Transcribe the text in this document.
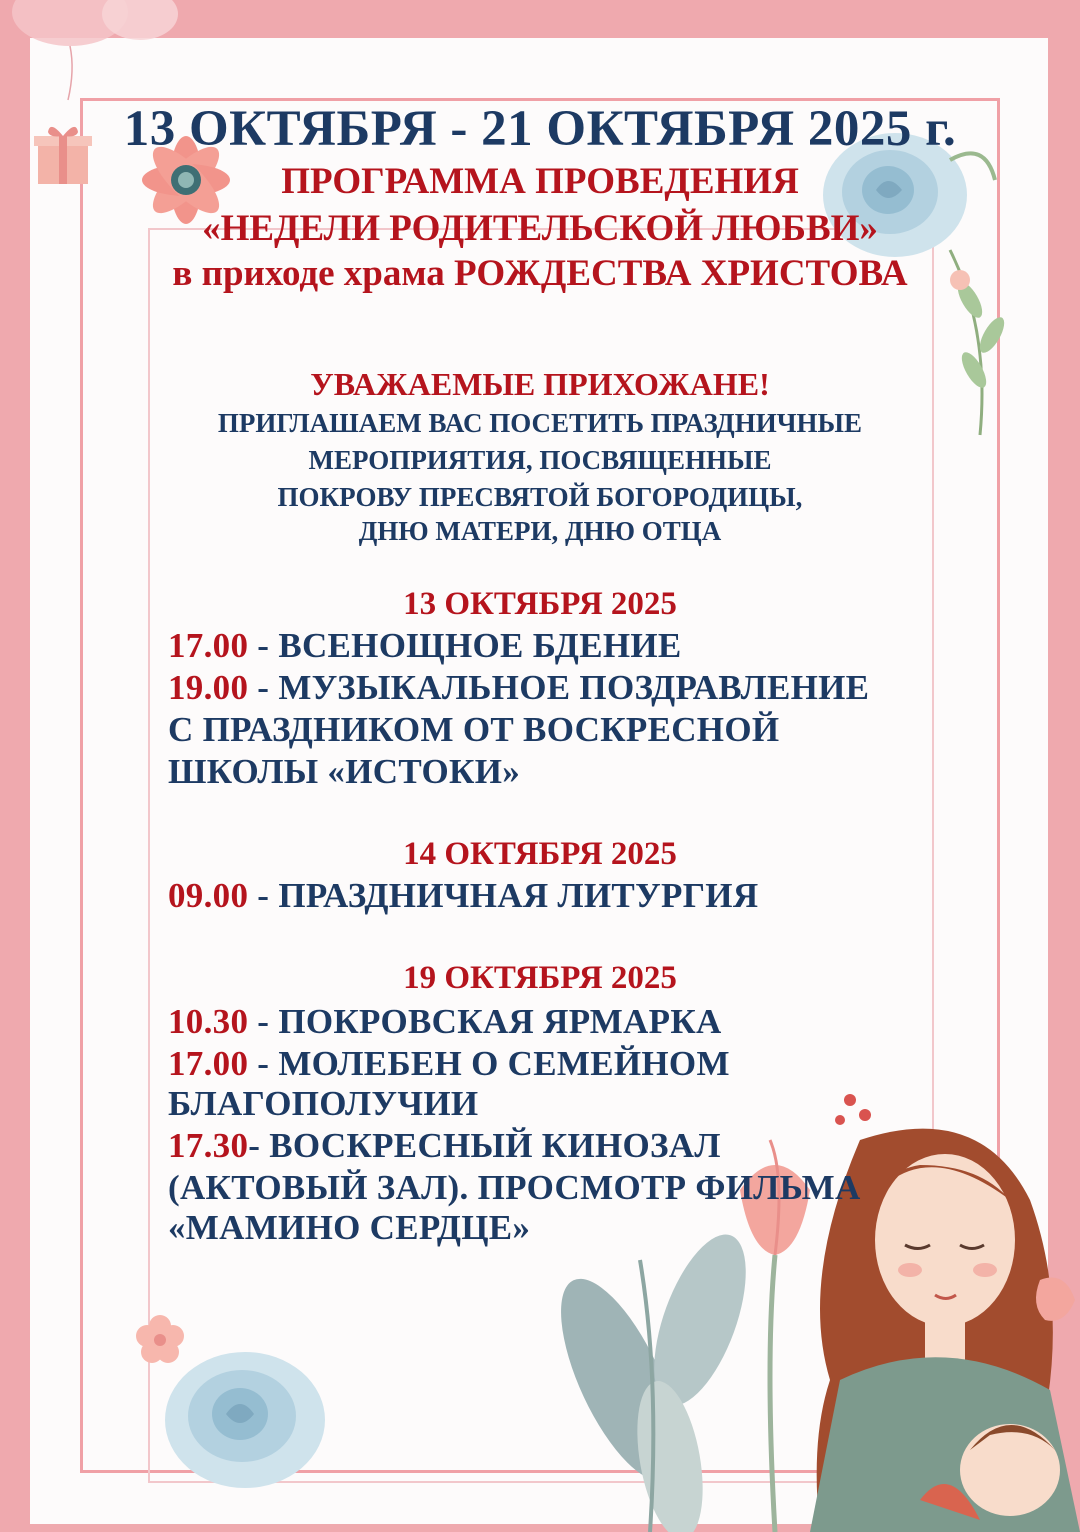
13 ОКТЯБРЯ - 21 ОКТЯБРЯ 2025 г.

ПРОГРАММА ПРОВЕДЕНИЯ

«НЕДЕЛИ РОДИТЕЛЬСКОЙ ЛЮБВИ»

в приходе храма РОЖДЕСТВА ХРИСТОВА

УВАЖАЕМЫЕ ПРИХОЖАНЕ!

ПРИГЛАШАЕМ ВАС ПОСЕТИТЬ ПРАЗДНИЧНЫЕ

МЕРОПРИЯТИЯ, ПОСВЯЩЕННЫЕ

ПОКРОВУ ПРЕСВЯТОЙ БОГОРОДИЦЫ,

ДНЮ МАТЕРИ, ДНЮ ОТЦА

13 ОКТЯБРЯ 2025

17.00 - ВСЕНОЩНОЕ БДЕНИЕ
19.00 - МУЗЫКАЛЬНОЕ ПОЗДРАВЛЕНИЕ
С ПРАЗДНИКОМ ОТ ВОСКРЕСНОЙ
ШКОЛЫ «ИСТОКИ»

14 ОКТЯБРЯ 2025

09.00 - ПРАЗДНИЧНАЯ ЛИТУРГИЯ

19 ОКТЯБРЯ 2025

10.30 - ПОКРОВСКАЯ ЯРМАРКА
17.00 - МОЛЕБЕН О СЕМЕЙНОМ
БЛАГОПОЛУЧИИ
17.30- ВОСКРЕСНЫЙ КИНОЗАЛ
(АКТОВЫЙ ЗАЛ). ПРОСМОТР ФИЛЬМА
«МАМИНО СЕРДЦЕ»
